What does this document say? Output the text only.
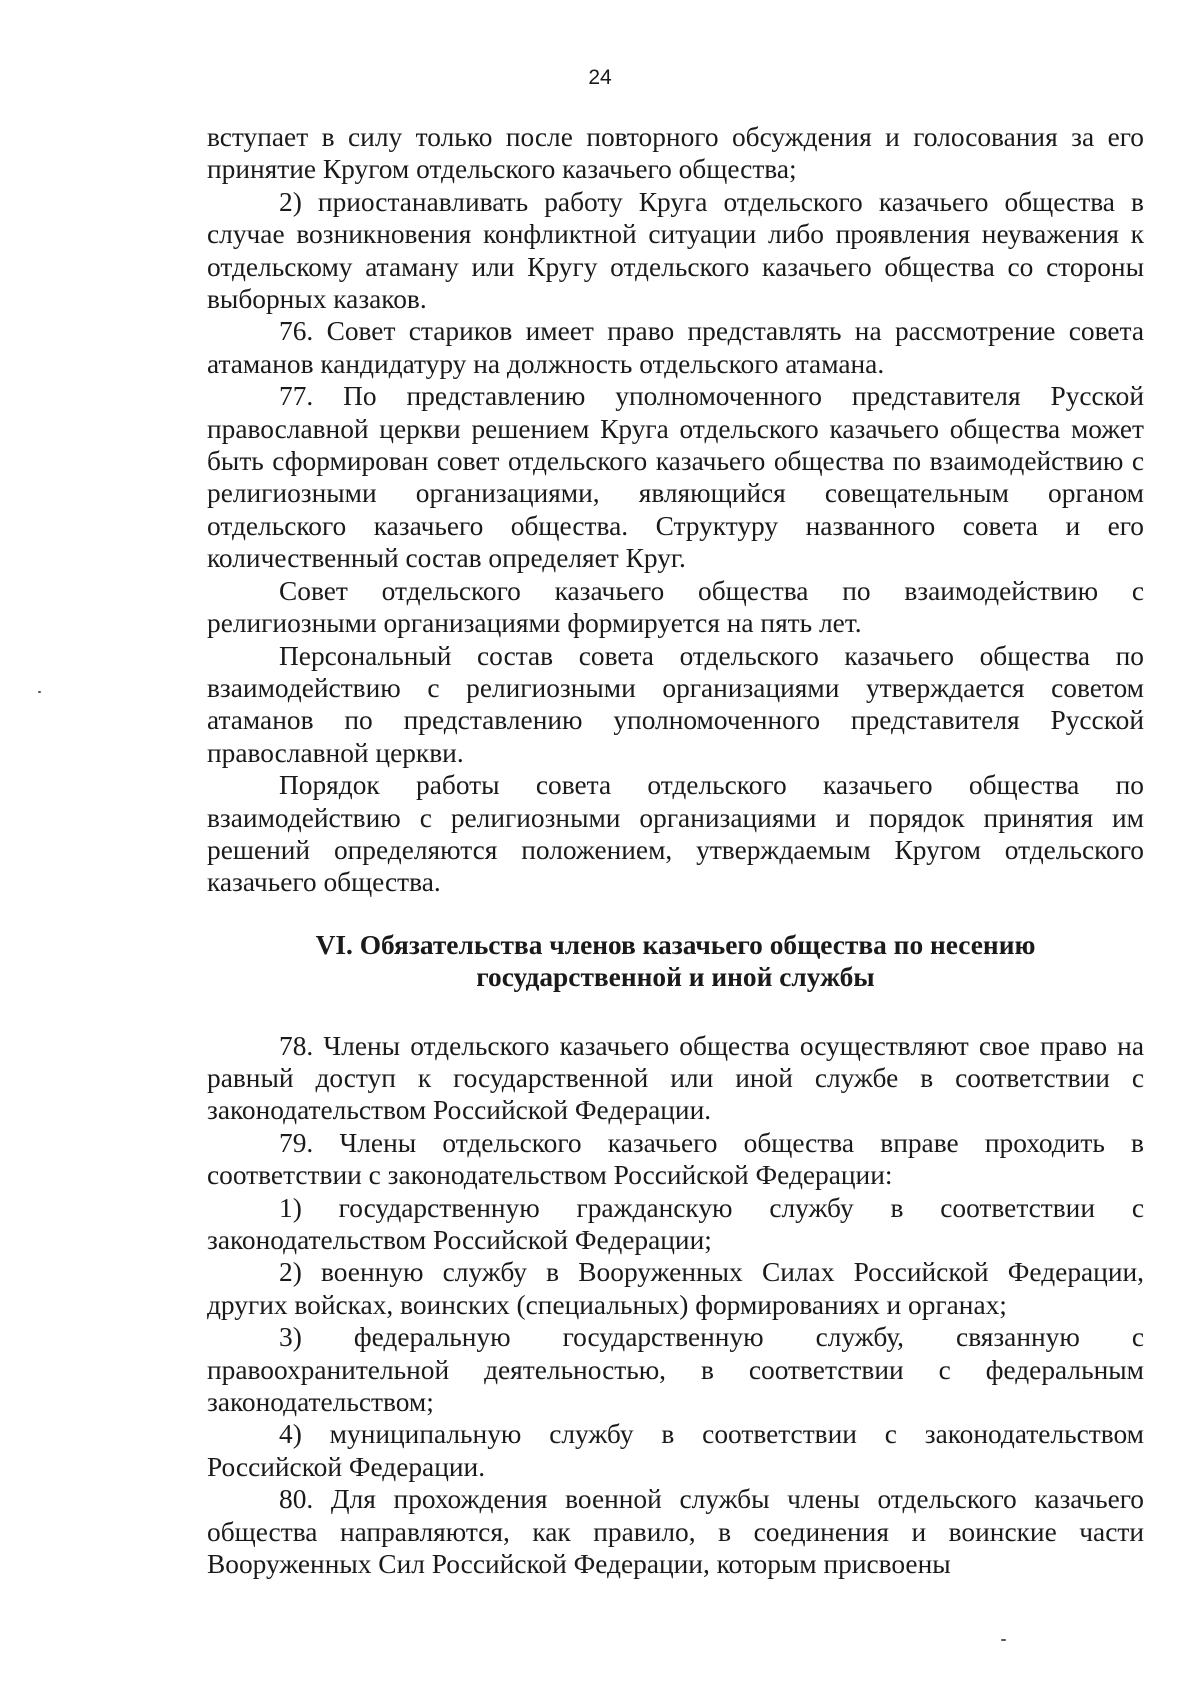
24

вступает в силу только после повторного обсуждения и голосования за его принятие Кругом отдельского казачьего общества;

2) приостанавливать работу Круга отдельского казачьего общества в случае возникновения конфликтной ситуации либо проявления неуважения к отдельскому атаману или Кругу отдельского казачьего общества со стороны выборных казаков.

76. Совет стариков имеет право представлять на рассмотрение совета атаманов кандидатуру на должность отдельского атамана.

77. По представлению уполномоченного представителя Русской православной церкви решением Круга отдельского казачьего общества может быть сформирован совет отдельского казачьего общества по взаимодействию с религиозными организациями, являющийся совещательным органом отдельского казачьего общества. Структуру названного совета и его количественный состав определяет Круг.

Совет отдельского казачьего общества по взаимодействию с религиозными организациями формируется на пять лет.

Персональный состав совета отдельского казачьего общества по взаимодействию с религиозными организациями утверждается советом атаманов по представлению уполномоченного представителя Русской православной церкви.

Порядок работы совета отдельского казачьего общества по взаимодействию с религиозными организациями и порядок принятия им решений определяются положением, утверждаемым Кругом отдельского казачьего общества.

VI. Обязательства членов казачьего общества по несению
государственной и иной службы

78. Члены отдельского казачьего общества осуществляют свое право на равный доступ к государственной или иной службе в соответствии с законодательством Российской Федерации.

79. Члены отдельского казачьего общества вправе проходить в соответствии с законодательством Российской Федерации:

1) государственную гражданскую службу в соответствии с законодательством Российской Федерации;

2) военную службу в Вооруженных Силах Российской Федерации, других войсках, воинских (специальных) формированиях и органах;

3) федеральную государственную службу, связанную с правоохранительной деятельностью, в соответствии с федеральным законодательством;

4) муниципальную службу в соответствии с законодательством Российской Федерации.

80. Для прохождения военной службы члены отдельского казачьего общества направляются, как правило, в соединения и воинские части Вооруженных Сил Российской Федерации, которым присвоены
